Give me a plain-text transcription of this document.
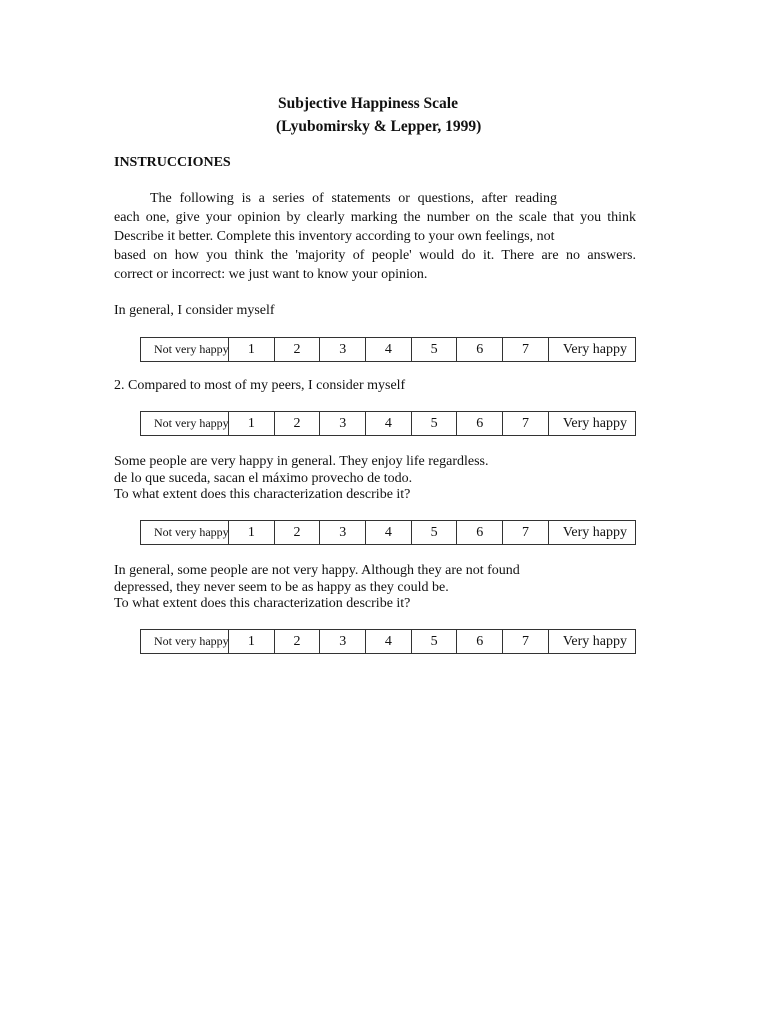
Subjective Happiness Scale
(Lyubomirsky & Lepper, 1999)
INSTRUCCIONES
The following is a series of statements or questions, after reading
each one, give your opinion by clearly marking the number on the scale that you think
Describe it better. Complete this inventory according to your own feelings, not
based on how you think the 'majority of people' would do it. There are no answers.
correct or incorrect: we just want to know your opinion.
In general, I consider myself
Not very happy	1	2	3	4	5	6	7	Very happy
2. Compared to most of my peers, I consider myself
Not very happy	1	2	3	4	5	6	7	Very happy
Some people are very happy in general. They enjoy life regardless.
de lo que suceda, sacan el máximo provecho de todo.
To what extent does this characterization describe it?
Not very happy	1	2	3	4	5	6	7	Very happy
In general, some people are not very happy. Although they are not found
depressed, they never seem to be as happy as they could be.
To what extent does this characterization describe it?
Not very happy	1	2	3	4	5	6	7	Very happy
